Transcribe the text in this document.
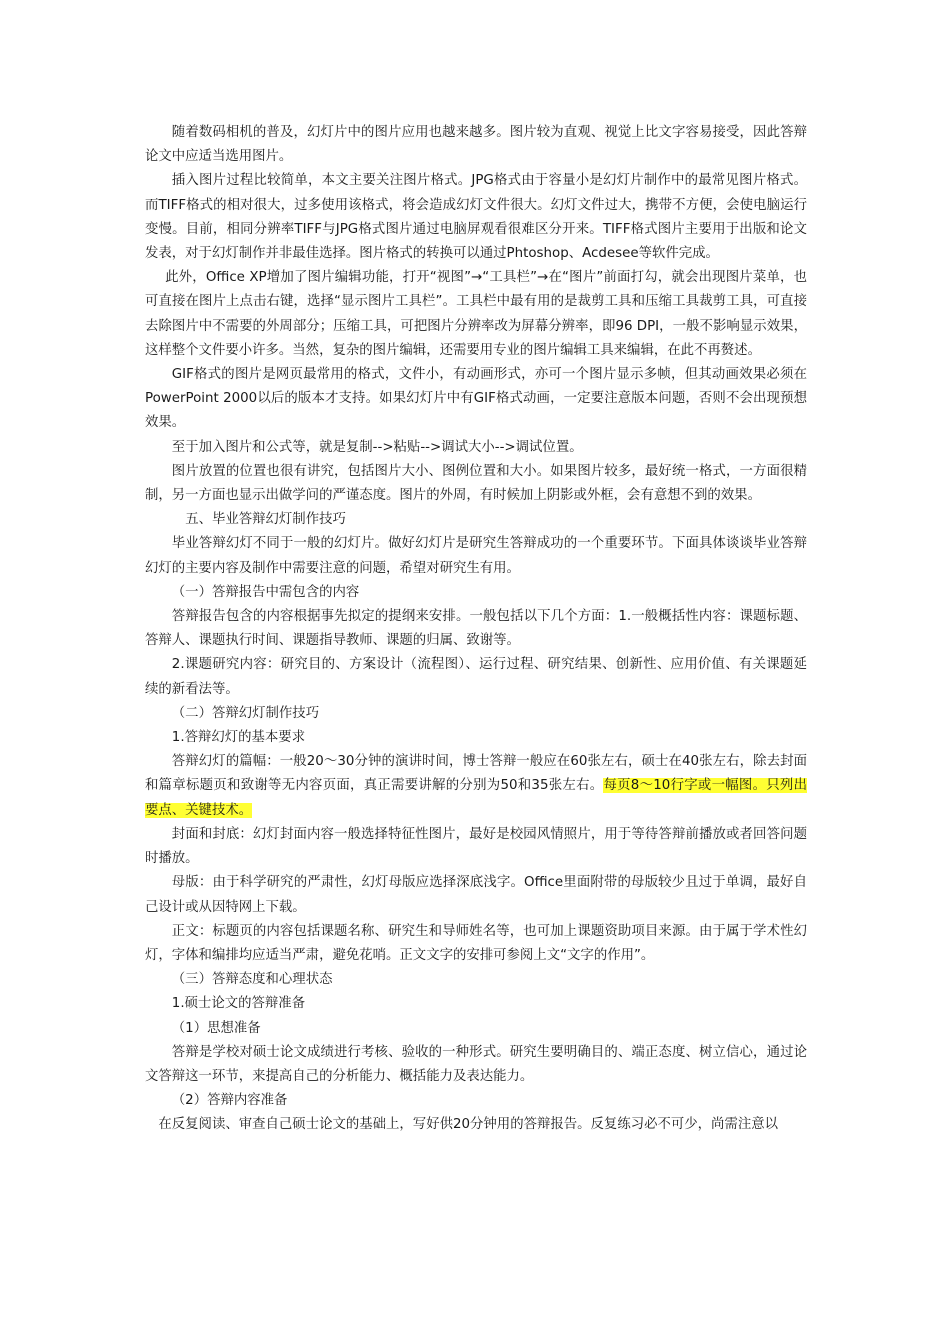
随着数码相机的普及，幻灯片中的图片应用也越来越多。图片较为直观、视觉上比文字容易接受，因此答辩论文中应适当选用图片。

插入图片过程比较简单，本文主要关注图片格式。JPG格式由于容量小是幻灯片制作中的最常见图片格式。而TIFF格式的相对很大，过多使用该格式，将会造成幻灯文件很大。幻灯文件过大，携带不方便，会使电脑运行变慢。目前，相同分辨率TIFF与JPG格式图片通过电脑屏观看很难区分开来。TIFF格式图片主要用于出版和论文发表，对于幻灯制作并非最佳选择。图片格式的转换可以通过Phtoshop、Acdesee等软件完成。

此外，Office XP增加了图片编辑功能，打开“视图”→“工具栏”→在“图片”前面打勾，就会出现图片菜单，也可直接在图片上点击右键，选择“显示图片工具栏”。工具栏中最有用的是裁剪工具和压缩工具裁剪工具，可直接去除图片中不需要的外周部分；压缩工具，可把图片分辨率改为屏幕分辨率，即96 DPI，一般不影响显示效果，这样整个文件要小许多。当然，复杂的图片编辑，还需要用专业的图片编辑工具来编辑，在此不再赘述。

GIF格式的图片是网页最常用的格式，文件小，有动画形式，亦可一个图片显示多帧，但其动画效果必须在PowerPoint 2000以后的版本才支持。如果幻灯片中有GIF格式动画，一定要注意版本问题，否则不会出现预想效果。

至于加入图片和公式等，就是复制-->粘贴-->调试大小-->调试位置。

图片放置的位置也很有讲究，包括图片大小、图例位置和大小。如果图片较多，最好统一格式，一方面很精制，另一方面也显示出做学问的严谨态度。图片的外周，有时候加上阴影或外框，会有意想不到的效果。

五、毕业答辩幻灯制作技巧

毕业答辩幻灯不同于一般的幻灯片。做好幻灯片是研究生答辩成功的一个重要环节。下面具体谈谈毕业答辩幻灯的主要内容及制作中需要注意的问题，希望对研究生有用。

（一）答辩报告中需包含的内容

答辩报告包含的内容根据事先拟定的提纲来安排。一般包括以下几个方面：1.一般概括性内容：课题标题、答辩人、课题执行时间、课题指导教师、课题的归属、致谢等。

2.课题研究内容：研究目的、方案设计（流程图）、运行过程、研究结果、创新性、应用价值、有关课题延续的新看法等。

（二）答辩幻灯制作技巧

1.答辩幻灯的基本要求

答辩幻灯的篇幅：一般20～30分钟的演讲时间，博士答辩一般应在60张左右，硕士在40张左右，除去封面和篇章标题页和致谢等无内容页面，真正需要讲解的分别为50和35张左右。每页8～10行字或一幅图。只列出要点、关键技术。

封面和封底：幻灯封面内容一般选择特征性图片，最好是校园风情照片，用于等待答辩前播放或者回答问题时播放。

母版：由于科学研究的严肃性，幻灯母版应选择深底浅字。Office里面附带的母版较少且过于单调，最好自己设计或从因特网上下载。

正文：标题页的内容包括课题名称、研究生和导师姓名等，也可加上课题资助项目来源。由于属于学术性幻灯，字体和编排均应适当严肃，避免花哨。正文文字的安排可参阅上文“文字的作用”。

（三）答辩态度和心理状态

1.硕士论文的答辩准备

（1）思想准备

答辩是学校对硕士论文成绩进行考核、验收的一种形式。研究生要明确目的、端正态度、树立信心，通过论文答辩这一环节，来提高自己的分析能力、概括能力及表达能力。

（2）答辩内容准备

在反复阅读、审查自己硕士论文的基础上，写好供20分钟用的答辩报告。反复练习必不可少，尚需注意以
